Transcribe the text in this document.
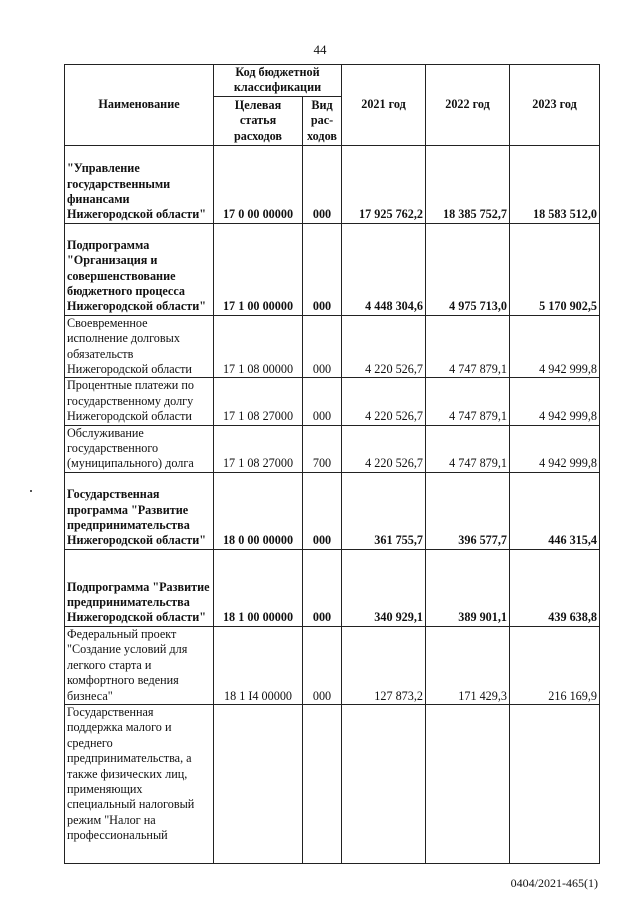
44
Наименование	Код бюджетной классификации		2021 год	2022 год	2023 год
	Целевая статья расходов	Вид рас-ходов			
"Управление государственными финансами Нижегородской области"	17 0 00 00000	000	17 925 762,2	18 385 752,7	18 583 512,0
Подпрограмма "Организация и совершенствование бюджетного процесса Нижегородской области"	17 1 00 00000	000	4 448 304,6	4 975 713,0	5 170 902,5
Своевременное исполнение долговых обязательств Нижегородской области	17 1 08 00000	000	4 220 526,7	4 747 879,1	4 942 999,8
Процентные платежи по государственному долгу Нижегородской области	17 1 08 27000	000	4 220 526,7	4 747 879,1	4 942 999,8
Обслуживание государственного (муниципального) долга	17 1 08 27000	700	4 220 526,7	4 747 879,1	4 942 999,8
Государственная программа "Развитие предпринимательства Нижегородской области"	18 0 00 00000	000	361 755,7	396 577,7	446 315,4
Подпрограмма "Развитие предпринимательства Нижегородской области"	18 1 00 00000	000	340 929,1	389 901,1	439 638,8
Федеральный проект "Создание условий для легкого старта и комфортного ведения бизнеса"	18 1 I4 00000	000	127 873,2	171 429,3	216 169,9
Государственная поддержка малого и среднего предпринимательства, а также физических лиц, применяющих специальный налоговый режим "Налог на профессиональный					
0404/2021-465(1)
